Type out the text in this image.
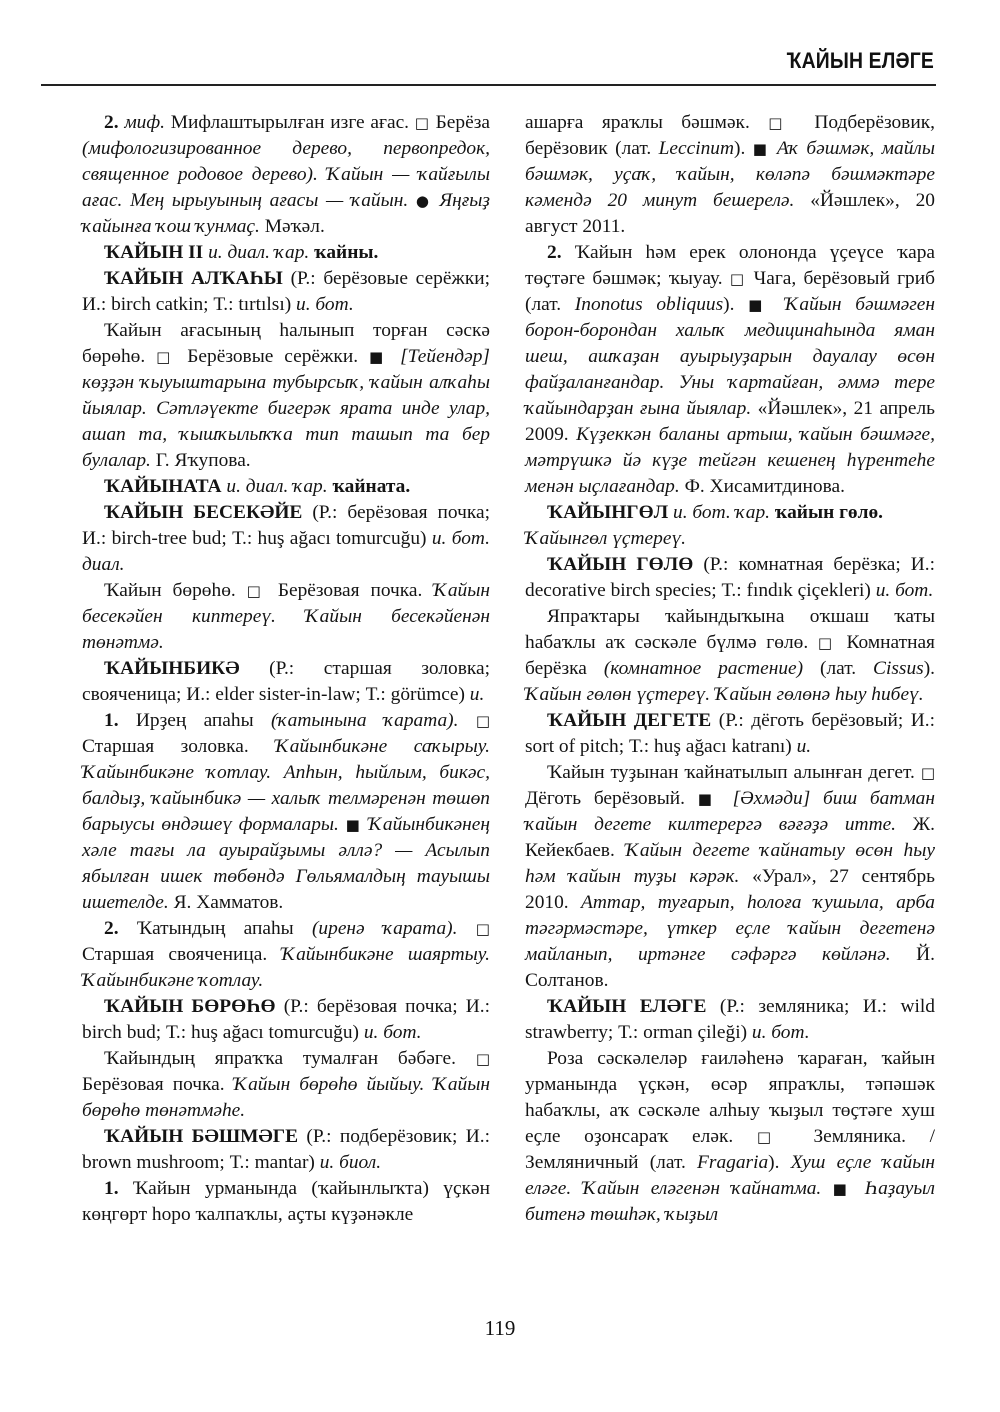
ҠАЙЫН ЕЛӘГЕ

2. миф. Мифлаштырылған изге ағас. □ Берёза (мифологизированное дерево, первопредок, священное родовое дерево). Ҡайын — ҡайғылы ағас. Мең ырыуының ағасы — ҡайын. ● Яңғыҙ ҡайынға ҡош ҡунмаҫ. Мәҡәл.

ҠАЙЫН II и. диал. ҡар. ҡайны.

ҠАЙЫН АЛҠАҺЫ (Р.: берёзовые серёжки; И.: birch catkin; Т.: tırtılsı) и. бот.

Ҡайын ағасының һалынып торған сәскә бөрөһө. □ Берёзовые серёжки. ■ [Тейендәр] көҙҙән ҡыуыштарына тубырсыҡ, ҡайын алҡаһы йыялар. Сәтләүекте бигерәк ярата инде улар, ашап та, ҡышҡылыҡҡа тип ташып та бер булалар. Г. Яҡупова.

ҠАЙЫНАТА и. диал. ҡар. ҡайната.

ҠАЙЫН БЕСЕКӘЙЕ (Р.: берёзовая почка; И.: birch-tree bud; Т.: huş ağacı tomurcuğu) и. бот. диал.

Ҡайын бөрөһө. □ Берёзовая почка. Ҡайын бесекәйен киптереү. Ҡайын бесекәйенән төнәтмә.

ҠАЙЫНБИКӘ (Р.: старшая золовка; свояченица; И.: elder sister-in-law; Т.: görümce) и.

1. Ирҙең апаһы (ҡатынына ҡарата). □ Старшая золовка. Ҡайынбикәне саҡырыу. Ҡайынбикәне ҡотлау. Апһын, һыйлым, бикәс, балдыҙ, ҡайынбикә — халыҡ телмәренән төшөп барыусы өндәшеү формалары. ■ Ҡайынбикәнең хәле тағы ла ауырайҙымы әллә? — Асылып ябылған ишек төбөндә Гөльямалдың тауышы ишетелде. Я. Хамматов.

2. Ҡатындың апаһы (иренә ҡарата). □ Старшая свояченица. Ҡайынбикәне шаяртыу. Ҡайынбикәне ҡотлау.

ҠАЙЫН БӨРӨҺӨ (Р.: берёзовая почка; И.: birch bud; Т.: huş ağacı tomurcuğu) и. бот.

Ҡайындың япраҡҡа тумалған бәбәге. □ Берёзовая почка. Ҡайын бөрөһө йыйыу. Ҡайын бөрөһө төнәтмәһе.

ҠАЙЫН БӘШМӘГЕ (Р.: подберёзовик; И.: brown mushroom; Т.: mantar) и. биол.

1. Ҡайын урманында (ҡайынлыҡта) үҫкән көңгөрт һоро ҡалпаҡлы, аҫты күҙәнәкле

ашарға яраҡлы бәшмәк. □ Подберёзовик, берёзовик (лат. Leccinum). ■ Аҡ бәшмәк, майлы бәшмәк, уҫаҡ, ҡайын, көләпә бәшмәктәре кәмендә 20 минут бешерелә. «Йәшлек», 20 август 2011.

2. Ҡайын һәм ерек олононда үҫеүсе ҡара төҫтәге бәшмәк; ҡыуау. □ Чага, берёзовый гриб (лат. Inonotus obliquus). ■ Ҡайын бәшмәген борон-борондан халыҡ медицинаһында яман шеш, ашҡаҙан ауырыуҙарын дауалау өсөн файҙаланғандар. Уны ҡартайған, әммә тере ҡайындарҙан ғына йыялар. «Йәшлек», 21 апрель 2009. Күҙеккән баланы артыш, ҡайын бәшмәге, мәтрүшкә йә күҙе тейгән кешенең һүрентеһе менән ыҫлағандар. Ф. Хисамитдинова.

ҠАЙЫНГӨЛ и. бот. ҡар. ҡайын гөлө.

Ҡайынгөл үҫтереү.

ҠАЙЫН ГӨЛӨ (Р.: комнатная берёзка; И.: decorative birch species; Т.: fındık çiçekleri) и. бот.

Япраҡтары ҡайындыҡына оҡшаш ҡаты һабаҡлы аҡ сәскәле бүлмә гөлө. □ Комнатная берёзка (комнатное растение) (лат. Cissus). Ҡайын гөлөн үҫтереү. Ҡайын гөлөнә һыу һибеү.

ҠАЙЫН ДЕГЕТЕ (Р.: дёготь берёзовый; И.: sort of pitch; Т.: huş ağacı katranı) и.

Ҡайын туҙынан ҡайнатылып алынған дегет. □ Дёготь берёзовый. ■ [Әхмәди] биш батман ҡайын дегете килтерергә вәғәҙә итте. Ж. Кейекбаев. Ҡайын дегете ҡайнатыу өсөн һыу һәм ҡайын туҙы кәрәк. «Урал», 27 сентябрь 2010. Аттар, туғарып, һолоға ҡушыла, арба тәгәрмәстәре, үткер еҫле ҡайын дегетенә майланып, иртәнге сәфәргә көйләнә. Й. Солтанов.

ҠАЙЫН ЕЛӘГЕ (Р.: земляника; И.: wild strawberry; Т.: orman çileği) и. бот.

Роза сәскәлеләр ғаиләһенә ҡараған, ҡайын урманында үҫкән, өсәр япраҡлы, тәпәшәк һабаҡлы, аҡ сәскәле алһыу ҡыҙыл төҫтәге хуш еҫле оҙонсараҡ еләк. □ Земляника. / Земляничный (лат. Fragaria). Хуш еҫле ҡайын еләге. Ҡайын еләгенән ҡайнатма. ■ Һаҙауыл битенә төшһәк, ҡыҙыл

119
